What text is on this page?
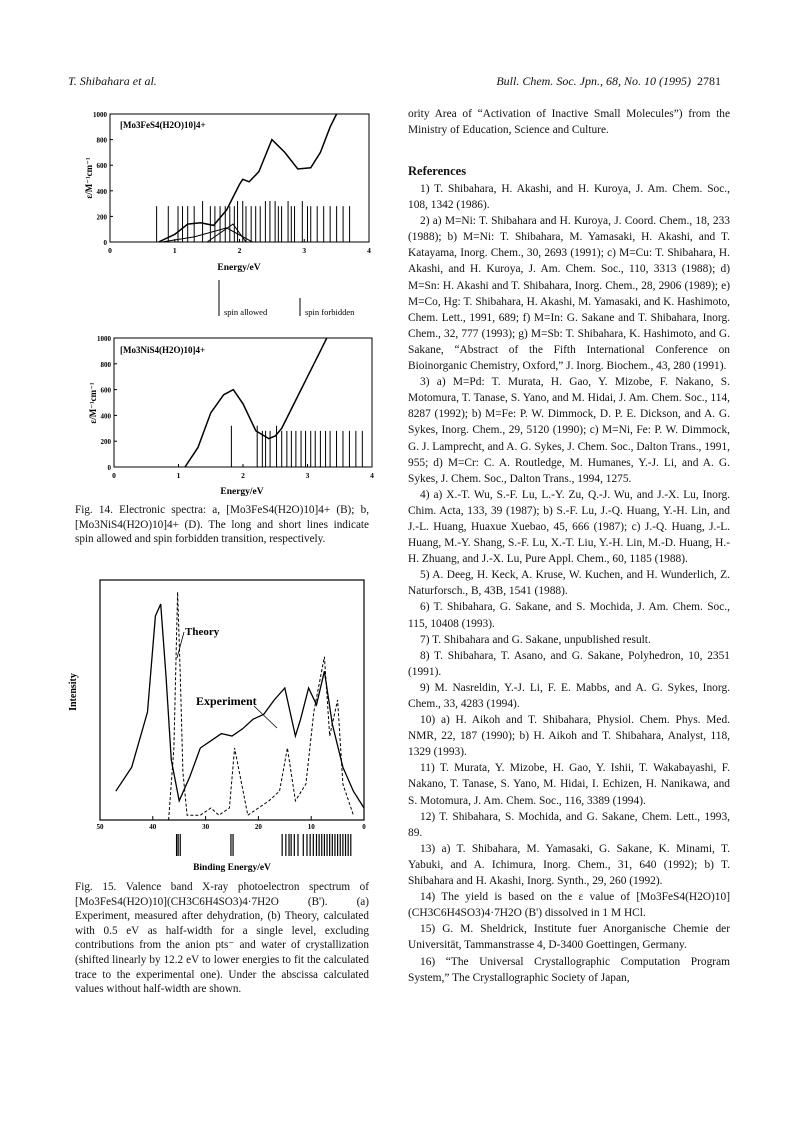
T. Shibahara et al.	Bull. Chem. Soc. Jpn., 68, No. 10 (1995) 2781
[Mo3FeS4(H2O)10]4+
ε/M⁻¹cm⁻¹
0
200
400
600
800
1000
0	1	2	3	4
Energy/eV
spin allowed	spin forbidden
[Mo3NiS4(H2O)10]4+
ε/M⁻¹cm⁻¹
0
200
400
600
800
1000
0	1	2	3	4
Energy/eV
Fig. 14. Electronic spectra: a, [Mo3FeS4(H2O)10]4+ (B); b, [Mo3NiS4(H2O)10]4+ (D). The long and short lines indicate spin allowed and spin forbidden transition, respectively.
Intensity
50	40	30	20	10	0
Theory
Experiment
Binding Energy/eV
Fig. 15. Valence band X-ray photoelectron spectrum of [Mo3FeS4(H2O)10](CH3C6H4SO3)4·7H2O (B'). (a) Experiment, measured after dehydration, (b) Theory, calculated with 0.5 eV as half-width for a single level, excluding contributions from the anion pts⁻ and water of crystallization (shifted linearly by 12.2 eV to lower energies to fit the calculated trace to the experimental one). Under the abscissa calculated values without half-width are shown.
ority Area of “Activation of Inactive Small Molecules”) from the Ministry of Education, Science and Culture.
References

1) T. Shibahara, H. Akashi, and H. Kuroya, J. Am. Chem. Soc., 108, 1342 (1986).

2) a) M=Ni: T. Shibahara and H. Kuroya, J. Coord. Chem., 18, 233 (1988); b) M=Ni: T. Shibahara, M. Yamasaki, H. Akashi, and T. Katayama, Inorg. Chem., 30, 2693 (1991); c) M=Cu: T. Shibahara, H. Akashi, and H. Kuroya, J. Am. Chem. Soc., 110, 3313 (1988); d) M=Sn: H. Akashi and T. Shibahara, Inorg. Chem., 28, 2906 (1989); e) M=Co, Hg: T. Shibahara, H. Akashi, M. Yamasaki, and K. Hashimoto, Chem. Lett., 1991, 689; f) M=In: G. Sakane and T. Shibahara, Inorg. Chem., 32, 777 (1993); g) M=Sb: T. Shibahara, K. Hashimoto, and G. Sakane, “Abstract of the Fifth International Conference on Bioinorganic Chemistry, Oxford,” J. Inorg. Biochem., 43, 280 (1991).

3) a) M=Pd: T. Murata, H. Gao, Y. Mizobe, F. Nakano, S. Motomura, T. Tanase, S. Yano, and M. Hidai, J. Am. Chem. Soc., 114, 8287 (1992); b) M=Fe: P. W. Dimmock, D. P. E. Dickson, and A. G. Sykes, Inorg. Chem., 29, 5120 (1990); c) M=Ni, Fe: P. W. Dimmock, G. J. Lamprecht, and A. G. Sykes, J. Chem. Soc., Dalton Trans., 1991, 955; d) M=Cr: C. A. Routledge, M. Humanes, Y.-J. Li, and A. G. Sykes, J. Chem. Soc., Dalton Trans., 1994, 1275.

4) a) X.-T. Wu, S.-F. Lu, L.-Y. Zu, Q.-J. Wu, and J.-X. Lu, Inorg. Chim. Acta, 133, 39 (1987); b) S.-F. Lu, J.-Q. Huang, Y.-H. Lin, and J.-L. Huang, Huaxue Xuebao, 45, 666 (1987); c) J.-Q. Huang, J.-L. Huang, M.-Y. Shang, S.-F. Lu, X.-T. Liu, Y.-H. Lin, M.-D. Huang, H.-H. Zhuang, and J.-X. Lu, Pure Appl. Chem., 60, 1185 (1988).

5) A. Deeg, H. Keck, A. Kruse, W. Kuchen, and H. Wunderlich, Z. Naturforsch., B, 43B, 1541 (1988).

6) T. Shibahara, G. Sakane, and S. Mochida, J. Am. Chem. Soc., 115, 10408 (1993).

7) T. Shibahara and G. Sakane, unpublished result.

8) T. Shibahara, T. Asano, and G. Sakane, Polyhedron, 10, 2351 (1991).

9) M. Nasreldin, Y.-J. Li, F. E. Mabbs, and A. G. Sykes, Inorg. Chem., 33, 4283 (1994).

10) a) H. Aikoh and T. Shibahara, Physiol. Chem. Phys. Med. NMR, 22, 187 (1990); b) H. Aikoh and T. Shibahara, Analyst, 118, 1329 (1993).

11) T. Murata, Y. Mizobe, H. Gao, Y. Ishii, T. Wakabayashi, F. Nakano, T. Tanase, S. Yano, M. Hidai, I. Echizen, H. Nanikawa, and S. Motomura, J. Am. Chem. Soc., 116, 3389 (1994).

12) T. Shibahara, S. Mochida, and G. Sakane, Chem. Lett., 1993, 89.

13) a) T. Shibahara, M. Yamasaki, G. Sakane, K. Minami, T. Yabuki, and A. Ichimura, Inorg. Chem., 31, 640 (1992); b) T. Shibahara and H. Akashi, Inorg. Synth., 29, 260 (1992).

14) The yield is based on the ε value of [Mo3FeS4(H2O)10](CH3C6H4SO3)4·7H2O (B') dissolved in 1 M HCl.

15) G. M. Sheldrick, Institute fuer Anorganische Chemie der Universität, Tammanstrasse 4, D-3400 Goettingen, Germany.

16) “The Universal Crystallographic Computation Program System,” The Crystallographic Society of Japan,
